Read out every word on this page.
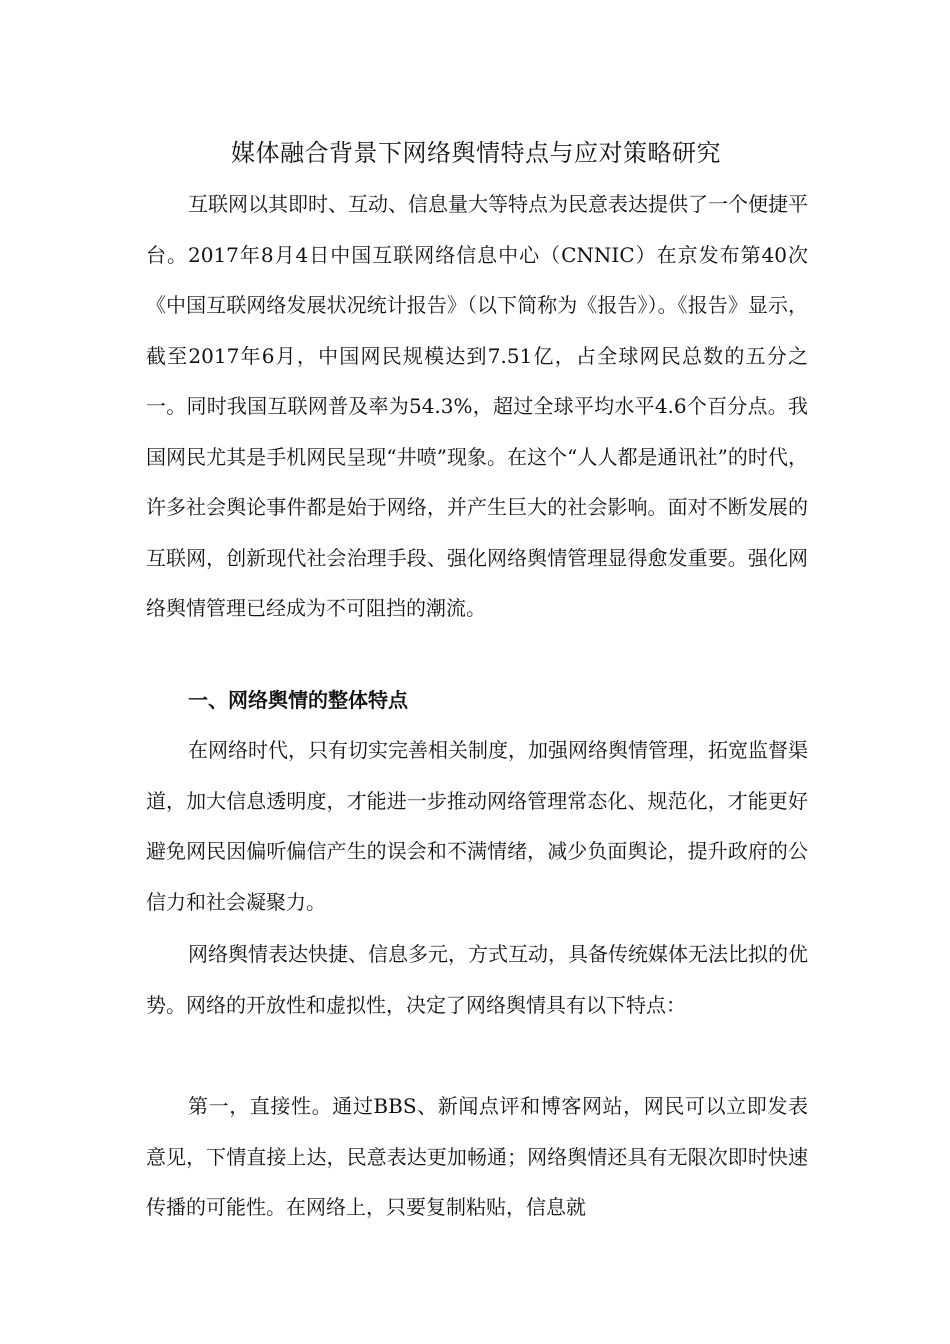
媒体融合背景下网络舆情特点与应对策略研究

互联网以其即时、互动、信息量大等特点为民意表达提供了一个便捷平台。2017年8月4日中国互联网络信息中心（CNNIC）在京发布第40次《中国互联网络发展状况统计报告》（以下简称为《报告》）。《报告》显示，截至2017年6月，中国网民规模达到7.51亿，占全球网民总数的五分之一。同时我国互联网普及率为54.3%，超过全球平均水平4.6个百分点。我国网民尤其是手机网民呈现“井喷”现象。在这个“人人都是通讯社”的时代，许多社会舆论事件都是始于网络，并产生巨大的社会影响。面对不断发展的互联网，创新现代社会治理手段、强化网络舆情管理显得愈发重要。强化网络舆情管理已经成为不可阻挡的潮流。

一、网络舆情的整体特点

在网络时代，只有切实完善相关制度，加强网络舆情管理，拓宽监督渠道，加大信息透明度，才能进一步推动网络管理常态化、规范化，才能更好避免网民因偏听偏信产生的误会和不满情绪，减少负面舆论，提升政府的公信力和社会凝聚力。

网络舆情表达快捷、信息多元，方式互动，具备传统媒体无法比拟的优势。网络的开放性和虚拟性，决定了网络舆情具有以下特点：

第一，直接性。通过BBS、新闻点评和博客网站，网民可以立即发表意见，下情直接上达，民意表达更加畅通；网络舆情还具有无限次即时快速传播的可能性。在网络上，只要复制粘贴，信息就
